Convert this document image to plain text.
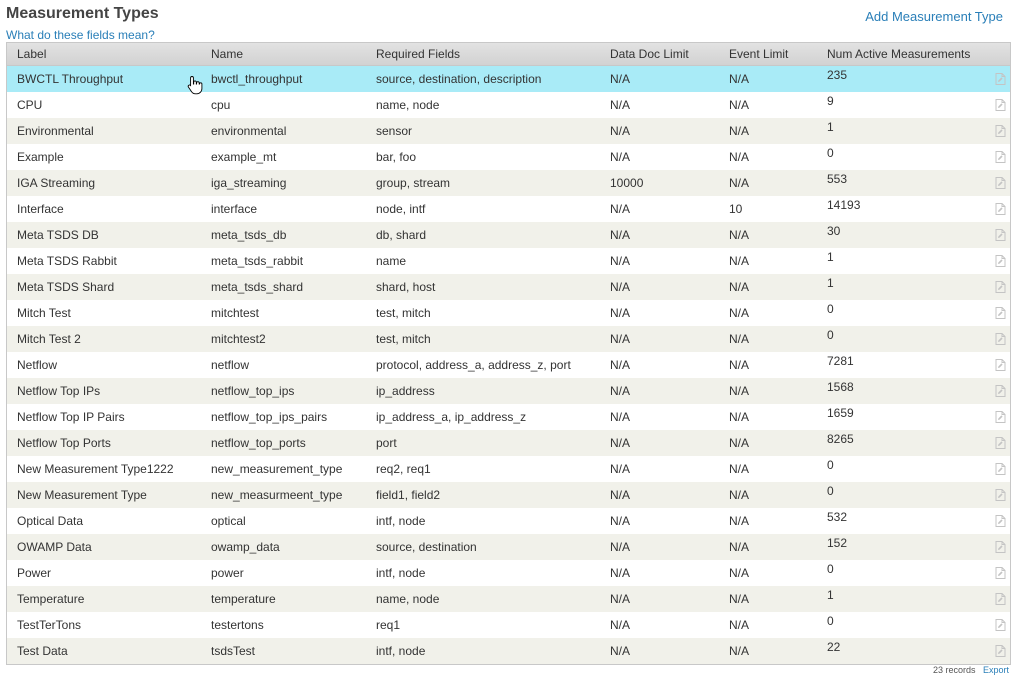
Measurement Types
What do these fields mean?
Add Measurement Type
Label	Name	Required Fields	Data Doc Limit	Event Limit	Num Active Measurements
BWCTL Throughput	bwctl_throughput	source, destination, description	N/A	N/A	235
CPU	cpu	name, node	N/A	N/A	9
Environmental	environmental	sensor	N/A	N/A	1
Example	example_mt	bar, foo	N/A	N/A	0
IGA Streaming	iga_streaming	group, stream	10000	N/A	553
Interface	interface	node, intf	N/A	10	14193
Meta TSDS DB	meta_tsds_db	db, shard	N/A	N/A	30
Meta TSDS Rabbit	meta_tsds_rabbit	name	N/A	N/A	1
Meta TSDS Shard	meta_tsds_shard	shard, host	N/A	N/A	1
Mitch Test	mitchtest	test, mitch	N/A	N/A	0
Mitch Test 2	mitchtest2	test, mitch	N/A	N/A	0
Netflow	netflow	protocol, address_a, address_z, port	N/A	N/A	7281
Netflow Top IPs	netflow_top_ips	ip_address	N/A	N/A	1568
Netflow Top IP Pairs	netflow_top_ips_pairs	ip_address_a, ip_address_z	N/A	N/A	1659
Netflow Top Ports	netflow_top_ports	port	N/A	N/A	8265
New Measurement Type1222	new_measurement_type	req2, req1	N/A	N/A	0
New Measurement Type	new_measurmeent_type	field1, field2	N/A	N/A	0
Optical Data	optical	intf, node	N/A	N/A	532
OWAMP Data	owamp_data	source, destination	N/A	N/A	152
Power	power	intf, node	N/A	N/A	0
Temperature	temperature	name, node	N/A	N/A	1
TestTerTons	testertons	req1	N/A	N/A	0
Test Data	tsdsTest	intf, node	N/A	N/A	22
23 records Export
